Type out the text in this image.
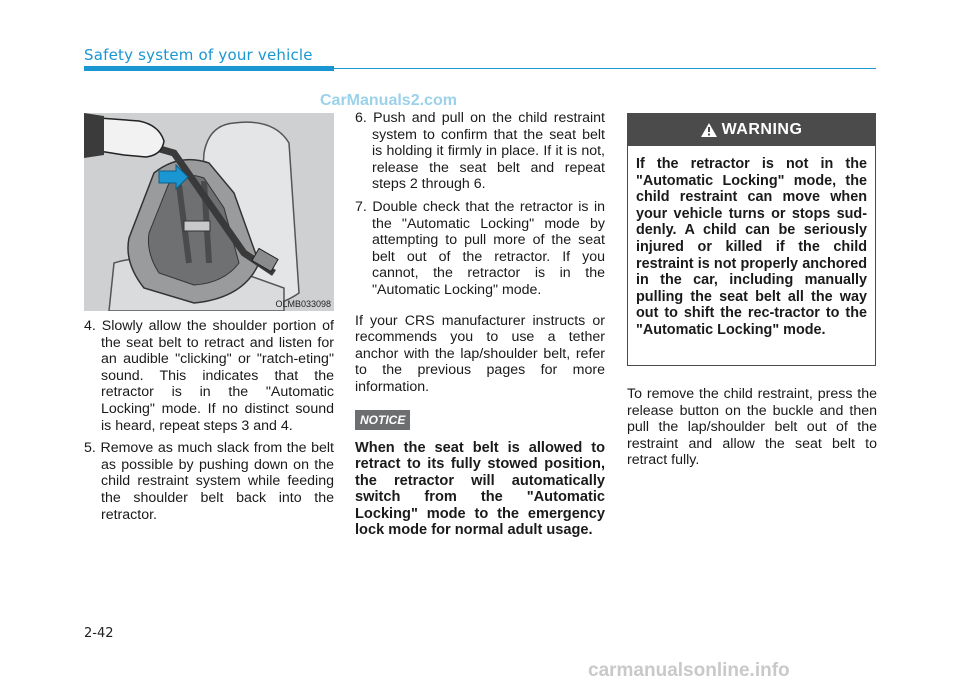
Safety system of your vehicle
CarManuals2.com
OLMB033098

4. Slowly allow the shoulder portion of the seat belt to retract and listen for an audible "clicking" or "ratch-eting" sound. This indicates that the retractor is in the "Automatic Locking" mode. If no distinct sound is heard, repeat steps 3 and 4.

5. Remove as much slack from the belt as possible by pushing down on the child restraint system while feeding the shoulder belt back into the retractor.

6. Push and pull on the child restraint system to confirm that the seat belt is holding it firmly in place. If it is not, release the seat belt and repeat steps 2 through 6.

7. Double check that the retractor is in the "Automatic Locking" mode by attempting to pull more of the seat belt out of the retractor. If you cannot, the retractor is in the "Automatic Locking" mode.

If your CRS manufacturer instructs or recommends you to use a tether anchor with the lap/shoulder belt, refer to the previous pages for more information.

NOTICE

When the seat belt is allowed to retract to its fully stowed position, the retractor will automatically switch from the "Automatic Locking" mode to the emergency lock mode for normal adult usage.

WARNING

If the retractor is not in the "Automatic Locking" mode, the child restraint can move when your vehicle turns or stops sud-denly. A child can be seriously injured or killed if the child restraint is not properly anchored in the car, including manually pulling the seat belt all the way out to shift the rec-tractor to the "Automatic Locking" mode.

To remove the child restraint, press the release button on the buckle and then pull the lap/shoulder belt out of the restraint and allow the seat belt to retract fully.

2-42
carmanualsonline.info
